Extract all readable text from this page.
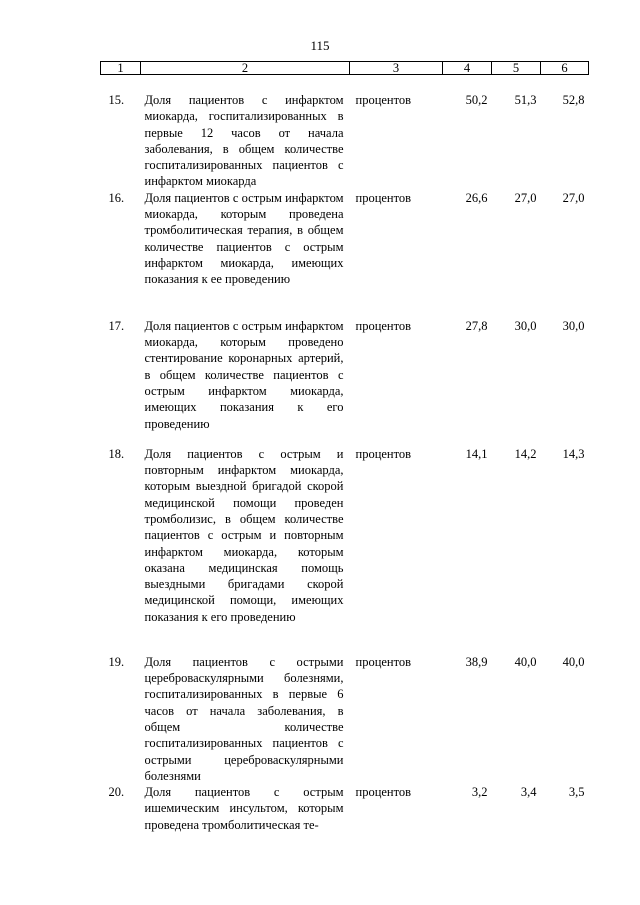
115
1	2	3	4	5	6
15.	Доля пациентов с инфарктом миокарда, госпитализированных в первые 12 часов от начала заболевания, в общем количестве госпитализированных пациентов с инфарктом миокарда	процентов	50,2	51,3	52,8
16.	Доля пациентов с острым инфарктом миокарда, которым проведена тромболитическая терапия, в общем количестве пациентов с острым инфарктом миокарда, имеющих показания к ее проведению	процентов	26,6	27,0	27,0
17.	Доля пациентов с острым инфарктом миокарда, которым проведено стентирование коронарных артерий, в общем количестве пациентов с острым инфарктом миокарда, имеющих показания к его проведению	процентов	27,8	30,0	30,0
18.	Доля пациентов с острым и повторным инфарктом миокарда, которым выездной бригадой скорой медицинской помощи проведен тромболизис, в общем количестве пациентов с острым и повторным инфарктом миокарда, которым оказана медицинская помощь выездными бригадами скорой медицинской помощи, имеющих показания к его проведению	процентов	14,1	14,2	14,3
19.	Доля пациентов с острыми цереброваскулярными болезнями, госпитализированных в первые 6 часов от начала заболевания, в общем количестве госпитализированных пациентов с острыми цереброваскулярными болезнями	процентов	38,9	40,0	40,0
20.	Доля пациентов с острым ишемическим инсультом, которым проведена тромболитическая те-	процентов	3,2	3,4	3,5
